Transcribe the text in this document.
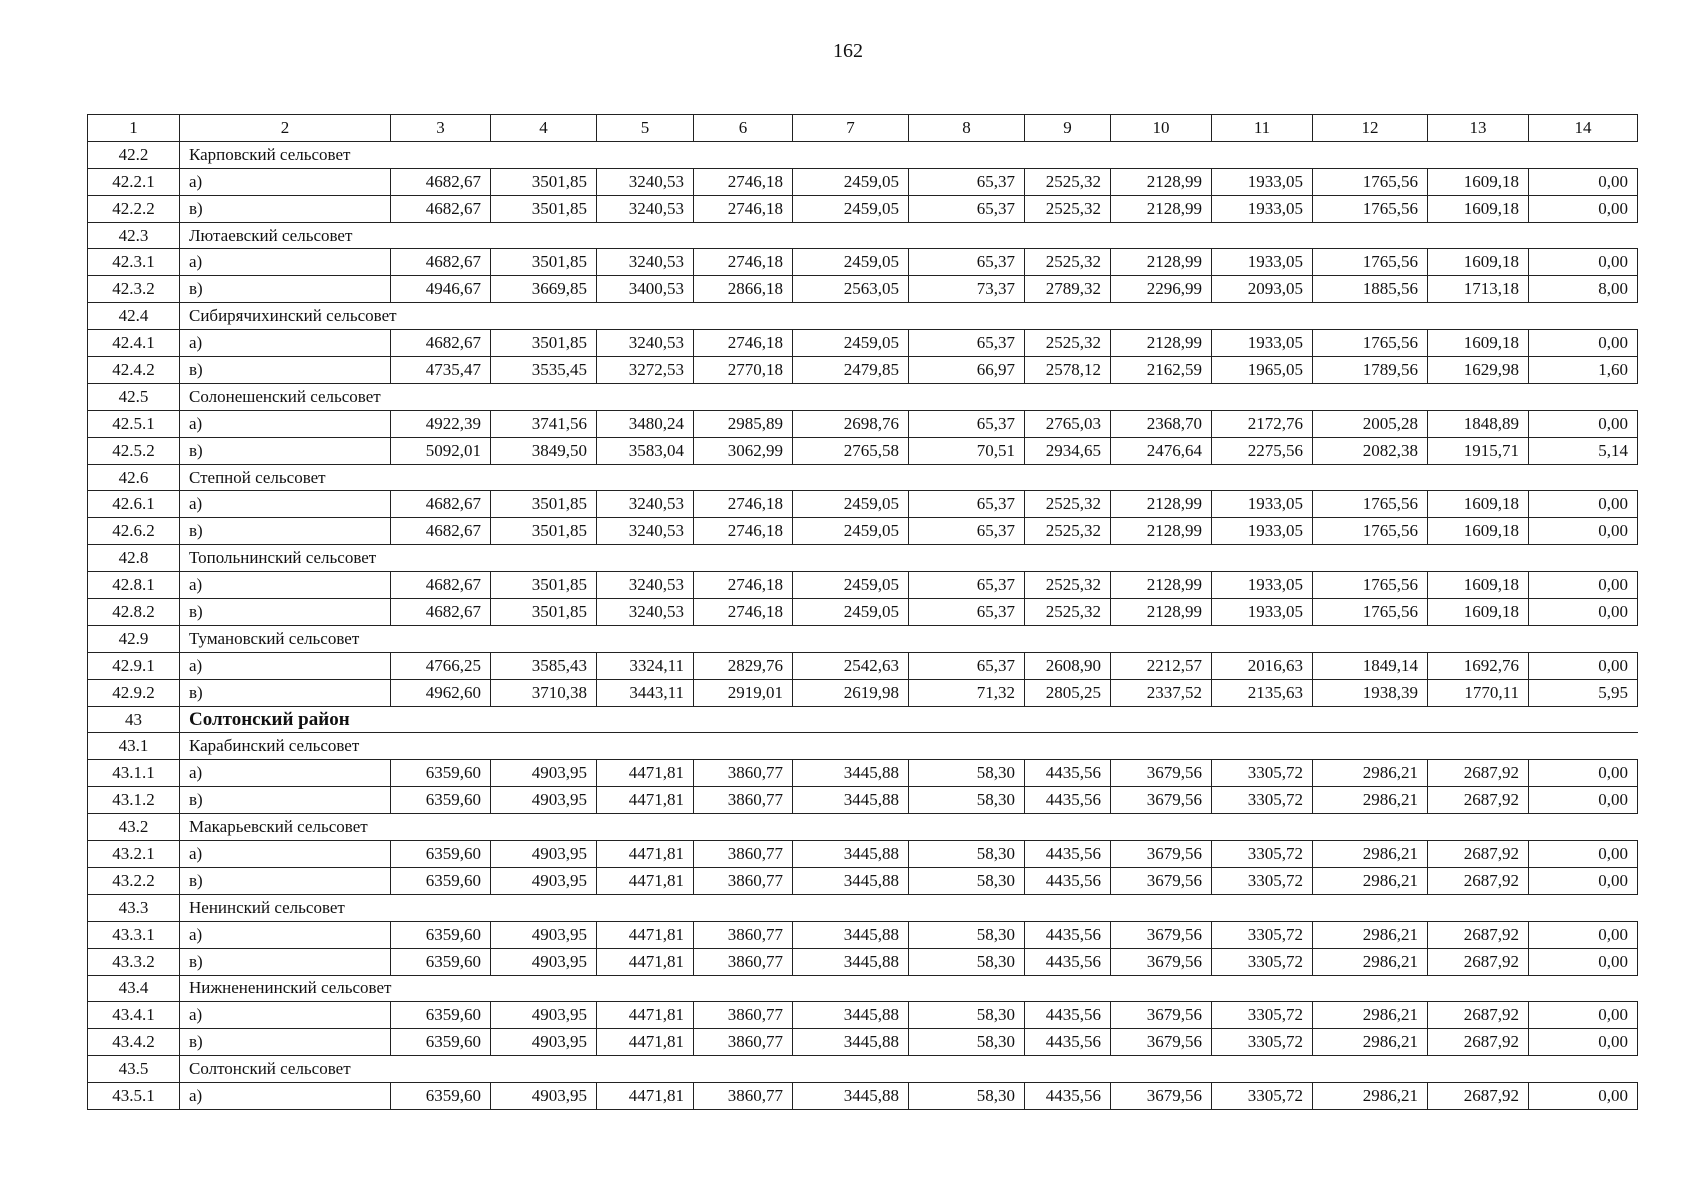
162
1	2	3	4	5	6	7	8	9	10	11	12	13	14
42.2	Карповский сельсовет												
42.2.1	а)	4682,67	3501,85	3240,53	2746,18	2459,05	65,37	2525,32	2128,99	1933,05	1765,56	1609,18	0,00
42.2.2	в)	4682,67	3501,85	3240,53	2746,18	2459,05	65,37	2525,32	2128,99	1933,05	1765,56	1609,18	0,00
42.3	Лютаевский сельсовет												
42.3.1	а)	4682,67	3501,85	3240,53	2746,18	2459,05	65,37	2525,32	2128,99	1933,05	1765,56	1609,18	0,00
42.3.2	в)	4946,67	3669,85	3400,53	2866,18	2563,05	73,37	2789,32	2296,99	2093,05	1885,56	1713,18	8,00
42.4	Сибирячихинский сельсовет												
42.4.1	а)	4682,67	3501,85	3240,53	2746,18	2459,05	65,37	2525,32	2128,99	1933,05	1765,56	1609,18	0,00
42.4.2	в)	4735,47	3535,45	3272,53	2770,18	2479,85	66,97	2578,12	2162,59	1965,05	1789,56	1629,98	1,60
42.5	Солонешенский сельсовет												
42.5.1	а)	4922,39	3741,56	3480,24	2985,89	2698,76	65,37	2765,03	2368,70	2172,76	2005,28	1848,89	0,00
42.5.2	в)	5092,01	3849,50	3583,04	3062,99	2765,58	70,51	2934,65	2476,64	2275,56	2082,38	1915,71	5,14
42.6	Степной сельсовет												
42.6.1	а)	4682,67	3501,85	3240,53	2746,18	2459,05	65,37	2525,32	2128,99	1933,05	1765,56	1609,18	0,00
42.6.2	в)	4682,67	3501,85	3240,53	2746,18	2459,05	65,37	2525,32	2128,99	1933,05	1765,56	1609,18	0,00
42.8	Топольнинский сельсовет												
42.8.1	а)	4682,67	3501,85	3240,53	2746,18	2459,05	65,37	2525,32	2128,99	1933,05	1765,56	1609,18	0,00
42.8.2	в)	4682,67	3501,85	3240,53	2746,18	2459,05	65,37	2525,32	2128,99	1933,05	1765,56	1609,18	0,00
42.9	Тумановский сельсовет												
42.9.1	а)	4766,25	3585,43	3324,11	2829,76	2542,63	65,37	2608,90	2212,57	2016,63	1849,14	1692,76	0,00
42.9.2	в)	4962,60	3710,38	3443,11	2919,01	2619,98	71,32	2805,25	2337,52	2135,63	1938,39	1770,11	5,95
43	Солтонский район												
43.1	Карабинский сельсовет												
43.1.1	а)	6359,60	4903,95	4471,81	3860,77	3445,88	58,30	4435,56	3679,56	3305,72	2986,21	2687,92	0,00
43.1.2	в)	6359,60	4903,95	4471,81	3860,77	3445,88	58,30	4435,56	3679,56	3305,72	2986,21	2687,92	0,00
43.2	Макарьевский сельсовет												
43.2.1	а)	6359,60	4903,95	4471,81	3860,77	3445,88	58,30	4435,56	3679,56	3305,72	2986,21	2687,92	0,00
43.2.2	в)	6359,60	4903,95	4471,81	3860,77	3445,88	58,30	4435,56	3679,56	3305,72	2986,21	2687,92	0,00
43.3	Ненинский сельсовет												
43.3.1	а)	6359,60	4903,95	4471,81	3860,77	3445,88	58,30	4435,56	3679,56	3305,72	2986,21	2687,92	0,00
43.3.2	в)	6359,60	4903,95	4471,81	3860,77	3445,88	58,30	4435,56	3679,56	3305,72	2986,21	2687,92	0,00
43.4	Нижнененинский сельсовет												
43.4.1	а)	6359,60	4903,95	4471,81	3860,77	3445,88	58,30	4435,56	3679,56	3305,72	2986,21	2687,92	0,00
43.4.2	в)	6359,60	4903,95	4471,81	3860,77	3445,88	58,30	4435,56	3679,56	3305,72	2986,21	2687,92	0,00
43.5	Солтонский сельсовет												
43.5.1	а)	6359,60	4903,95	4471,81	3860,77	3445,88	58,30	4435,56	3679,56	3305,72	2986,21	2687,92	0,00
